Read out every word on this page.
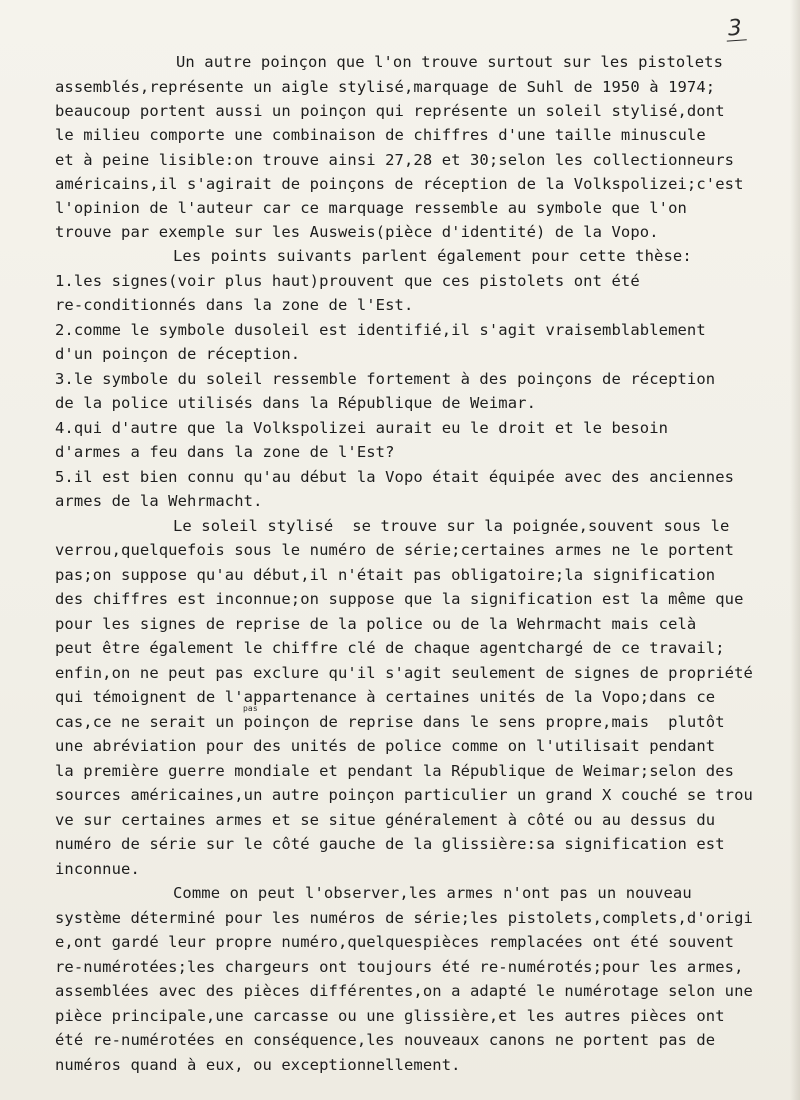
3
Un autre poinçon que l'on trouve surtout sur les pistolets
assemblés,représente un aigle stylisé,marquage de Suhl de 1950 à 1974;
beaucoup portent aussi un poinçon qui représente un soleil stylisé,dont
le milieu comporte une combinaison de chiffres d'une taille minuscule
et à peine lisible:on trouve ainsi 27,28 et 30;selon les collectionneurs
américains,il s'agirait de poinçons de réception de la Volkspolizei;c'est
l'opinion de l'auteur car ce marquage ressemble au symbole que l'on
trouve par exemple sur les Ausweis(pièce d'identité) de la Vopo.
Les points suivants parlent également pour cette thèse:
1.les signes(voir plus haut)prouvent que ces pistolets ont été
re-conditionnés dans la zone de l'Est.
2.comme le symbole dusoleil est identifié,il s'agit vraisemblablement
d'un poinçon de réception.
3.le symbole du soleil ressemble fortement à des poinçons de réception
de la police utilisés dans la République de Weimar.
4.qui d'autre que la Volkspolizei aurait eu le droit et le besoin
d'armes a feu dans la zone de l'Est?
5.il est bien connu qu'au début la Vopo était équipée avec des anciennes
armes de la Wehrmacht.
Le soleil stylisé  se trouve sur la poignée,souvent sous le
verrou,quelquefois sous le numéro de série;certaines armes ne le portent
pas;on suppose qu'au début,il n'était pas obligatoire;la signification
des chiffres est inconnue;on suppose que la signification est la même que
pour les signes de reprise de la police ou de la Wehrmacht mais celà
peut être également le chiffre clé de chaque agentchargé de ce travail;
enfin,on ne peut pas exclure qu'il s'agit seulement de signes de propriété
qui témoignent de l'appartenance à certaines unités de la Vopo;dans ce
pas
cas,ce ne serait un poinçon de reprise dans le sens propre,mais  plutôt
une abréviation pour des unités de police comme on l'utilisait pendant
la première guerre mondiale et pendant la République de Weimar;selon des
sources américaines,un autre poinçon particulier un grand X couché se trou
ve sur certaines armes et se situe généralement à côté ou au dessus du
numéro de série sur le côté gauche de la glissière:sa signification est
inconnue.
Comme on peut l'observer,les armes n'ont pas un nouveau
système déterminé pour les numéros de série;les pistolets,complets,d'origi
e,ont gardé leur propre numéro,quelquespièces remplacées ont été souvent
re-numérotées;les chargeurs ont toujours été re-numérotés;pour les armes,
assemblées avec des pièces différentes,on a adapté le numérotage selon une
pièce principale,une carcasse ou une glissière,et les autres pièces ont
été re-numérotées en conséquence,les nouveaux canons ne portent pas de
numéros quand à eux, ou exceptionnellement.
